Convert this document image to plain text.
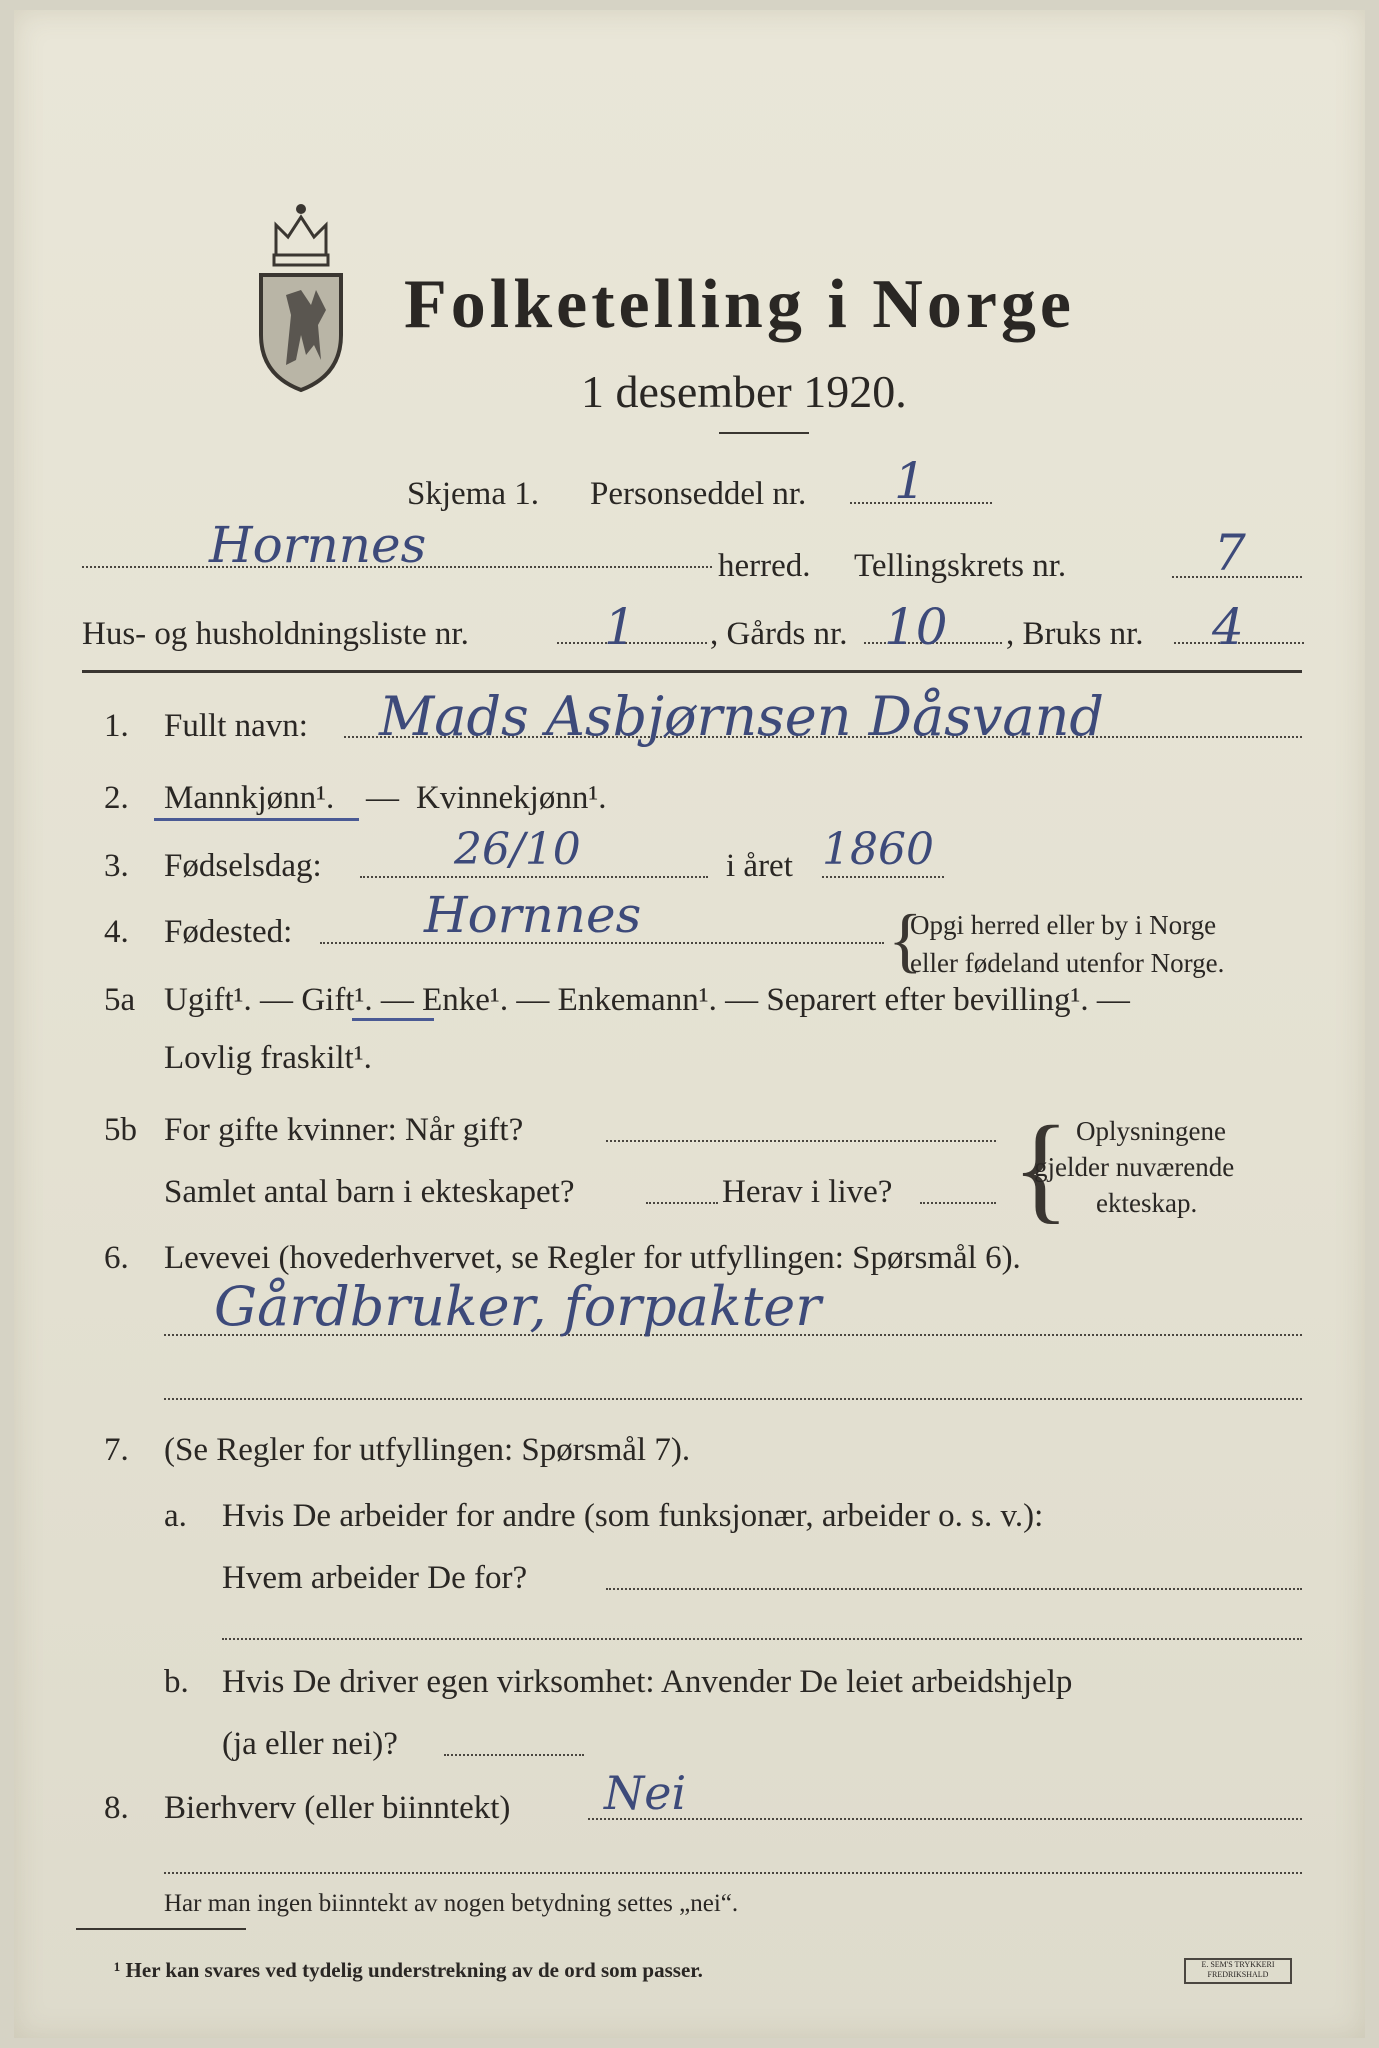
Folketelling i Norge
1 desember 1920.
Skjema 1. Personseddel nr. 1
Hornnes	herred. Tellingskrets nr.	7
Hus- og husholdningsliste nr.	1 , Gårds nr. 10 , Bruks nr. 4
1. Fullt navn: Mads Asbjørnsen Dåsvand
2. Mannkjønn¹. — Kvinnekjønn¹.
3. Fødselsdag:	26/10	i året 1860
4. Fødested:	Hornnes	{
Opgi herred eller by i Norge
eller fødeland utenfor Norge.
5a Ugift¹. — Gift¹. — Enke¹. — Enkemann¹. — Separert efter bevilling¹. —
Lovlig fraskilt¹.
5b For gifte kvinner: Når gift?
Samlet antal barn i ekteskapet?	Herav i live? { Oplysningene
gjelder nuværende
ekteskap.
6. Levevei (hovederhvervet, se Regler for utfyllingen: Spørsmål 6).
Gårdbruker, forpakter
7. (Se Regler for utfyllingen: Spørsmål 7).
a. Hvis De arbeider for andre (som funksjonær, arbeider o. s. v.):
Hvem arbeider De for?
b. Hvis De driver egen virksomhet: Anvender De leiet arbeidshjelp
(ja eller nei)?
8. Bierhverv (eller biinntekt) Nei
Har man ingen biinntekt av nogen betydning settes „nei“.
¹ Her kan svares ved tydelig understrekning av de ord som passer.	E. SEM'S TRYKKERI FREDRIKSHALD
